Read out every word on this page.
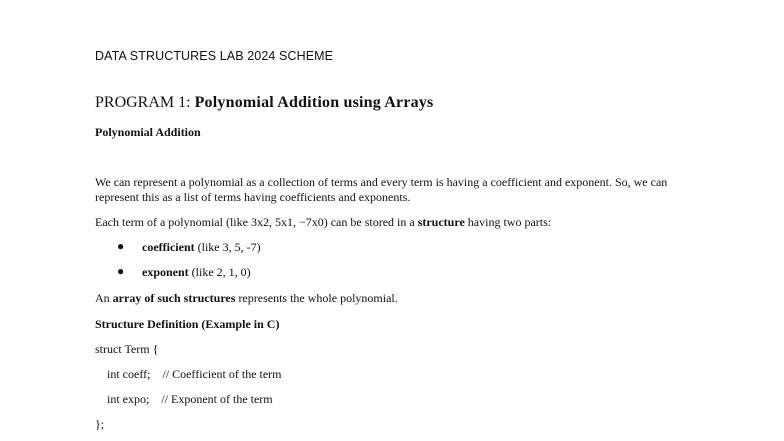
DATA STRUCTURES LAB 2024 SCHEME
PROGRAM 1: Polynomial Addition using Arrays
Polynomial Addition
We can represent a polynomial as a collection of terms and every term is having a coefficient and exponent. So, we can represent this as a list of terms having coefficients and exponents.
Each term of a polynomial (like 3x2, 5x1, −7x0) can be stored in a structure having two parts:
● coefficient (like 3, 5, -7)
● exponent (like 2, 1, 0)
An array of such structures represents the whole polynomial.
Structure Definition (Example in C)
struct Term {
int coeff; // Coefficient of the term
int expo; // Exponent of the term
};
